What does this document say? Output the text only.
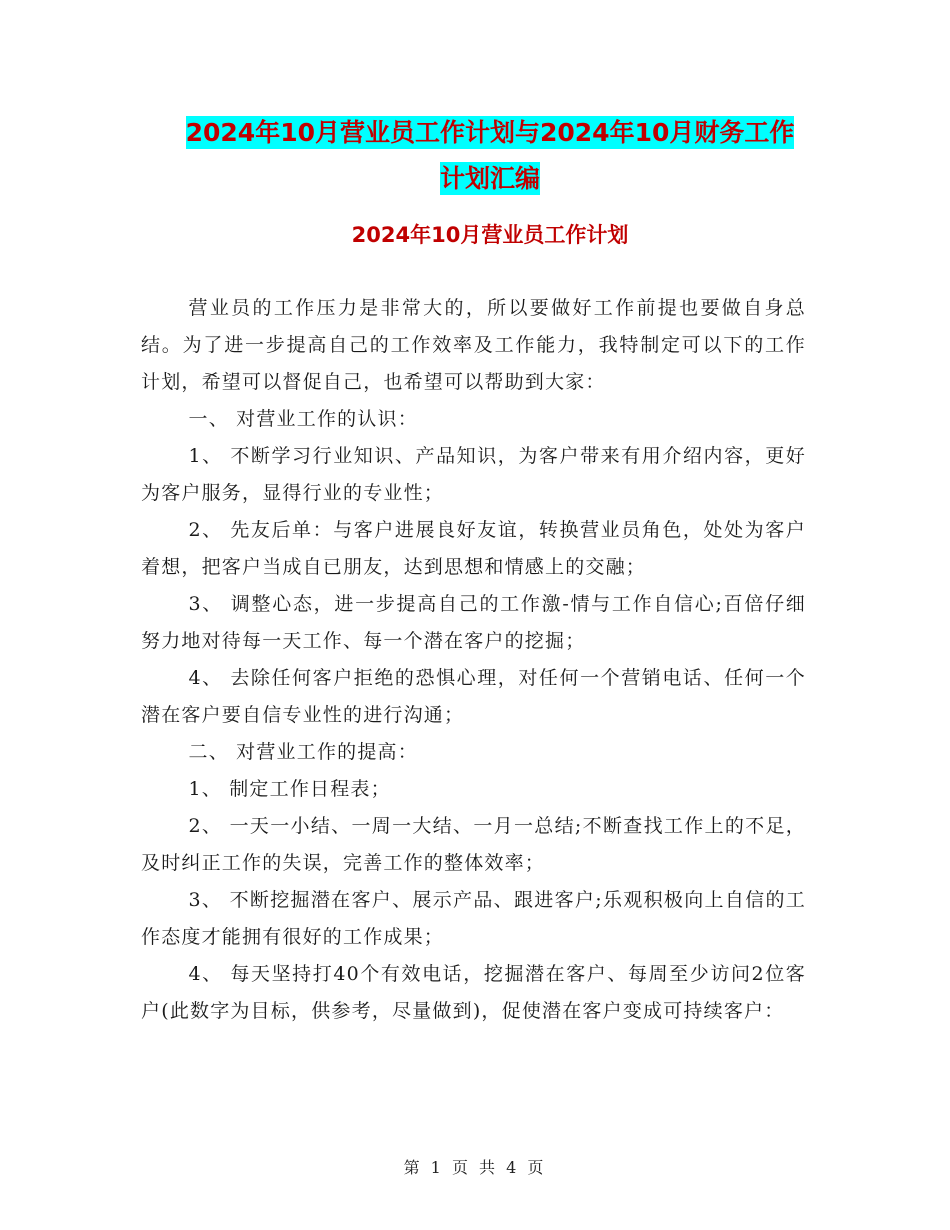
2024年10月营业员工作计划与2024年10月财务工作
计划汇编
2024年10月营业员工作计划

营业员的工作压力是非常大的，所以要做好工作前提也要做自身总结。为了进一步提高自己的工作效率及工作能力，我特制定可以下的工作计划，希望可以督促自己，也希望可以帮助到大家：

一、 对营业工作的认识：

1、 不断学习行业知识、产品知识，为客户带来有用介绍内容，更好为客户服务，显得行业的专业性；

2、 先友后单：与客户进展良好友谊，转换营业员角色，处处为客户着想，把客户当成自已朋友，达到思想和情感上的交融；

3、 调整心态，进一步提高自己的工作激-情与工作自信心;百倍仔细努力地对待每一天工作、每一个潜在客户的挖掘；

4、 去除任何客户拒绝的恐惧心理，对任何一个营销电话、任何一个潜在客户要自信专业性的进行沟通；

二、 对营业工作的提高：

1、 制定工作日程表；

2、 一天一小结、一周一大结、一月一总结;不断查找工作上的不足，及时纠正工作的失误，完善工作的整体效率；

3、 不断挖掘潜在客户、展示产品、跟进客户;乐观积极向上自信的工作态度才能拥有很好的工作成果；

4、 每天坚持打40个有效电话，挖掘潜在客户、每周至少访问2位客户(此数字为目标，供参考，尽量做到)，促使潜在客户变成可持续客户：

第 1 页 共 4 页
